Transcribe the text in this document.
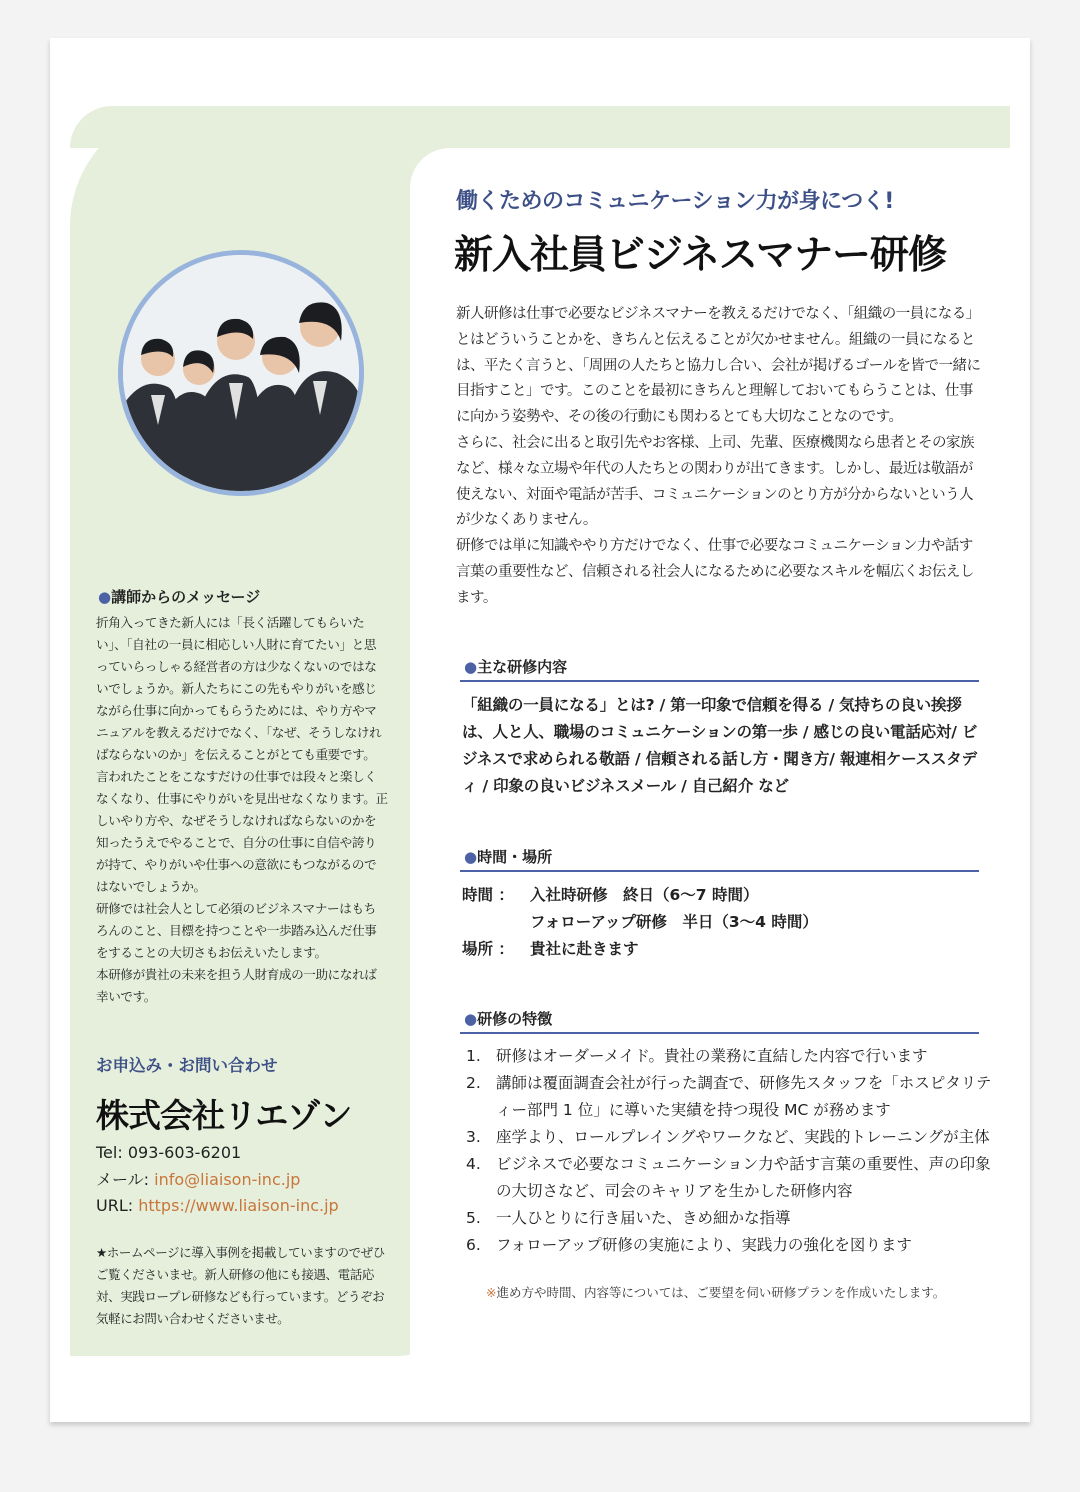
働くためのコミュニケーション力が身につく!
新入社員ビジネスマナー研修

新人研修は仕事で必要なビジネスマナーを教えるだけでなく、「組織の一員になる」とはどういうことかを、きちんと伝えることが欠かせません。組織の一員になるとは、平たく言うと、「周囲の人たちと協力し合い、会社が掲げるゴールを皆で一緒に目指すこと」です。このことを最初にきちんと理解しておいてもらうことは、仕事に向かう姿勢や、その後の行動にも関わるとても大切なことなのです。

さらに、社会に出ると取引先やお客様、上司、先輩、医療機関なら患者とその家族など、様々な立場や年代の人たちとの関わりが出てきます。しかし、最近は敬語が使えない、対面や電話が苦手、コミュニケーションのとり方が分からないという人が少なくありません。

研修では単に知識ややり方だけでなく、仕事で必要なコミュニケーション力や話す言葉の重要性など、信頼される社会人になるために必要なスキルを幅広くお伝えします。

●主な研修内容
「組織の一員になる」とは? / 第一印象で信頼を得る / 気持ちの良い挨拶は、人と人、職場のコミュニケーションの第一歩 / 感じの良い電話応対/ ビジネスで求められる敬語 / 信頼される話し方・聞き方/ 報連相ケーススタディ / 印象の良いビジネスメール / 自己紹介 など
●時間・場所
時間 ：	入社時研修　終日（6～7 時間）
フォローアップ研修　半日（3～4 時間）
場所 ：	貴社に赴きます
●研修の特徴
1. 研修はオーダーメイド。貴社の業務に直結した内容で行います
2. 講師は覆面調査会社が行った調査で、研修先スタッフを「ホスピタリティー部門 1 位」に導いた実績を持つ現役 MC が務めます
3. 座学より、ロールプレイングやワークなど、実践的トレーニングが主体
4. ビジネスで必要なコミュニケーション力や話す言葉の重要性、声の印象の大切さなど、司会のキャリアを生かした研修内容
5. 一人ひとりに行き届いた、きめ細かな指導
6. フォローアップ研修の実施により、実践力の強化を図ります
※進め方や時間、内容等については、ご要望を伺い研修プランを作成いたします。
●講師からのメッセージ

折角入ってきた新人には「長く活躍してもらいたい」、「自社の一員に相応しい人財に育てたい」と思っていらっしゃる経営者の方は少なくないのではないでしょうか。新人たちにこの先もやりがいを感じながら仕事に向かってもらうためには、やり方やマニュアルを教えるだけでなく、「なぜ、そうしなければならないのか」を伝えることがとても重要です。

言われたことをこなすだけの仕事では段々と楽しくなくなり、仕事にやりがいを見出せなくなります。正しいやり方や、なぜそうしなければならないのかを知ったうえでやることで、自分の仕事に自信や誇りが持て、やりがいや仕事への意欲にもつながるのではないでしょうか。

研修では社会人として必須のビジネスマナーはもちろんのこと、目標を持つことや一歩踏み込んだ仕事をすることの大切さもお伝えいたします。

本研修が貴社の未来を担う人財育成の一助になれば幸いです。

お申込み・お問い合わせ
株式会社リエゾン
Tel: 093-603-6201
メール: info@liaison-inc.jp
URL: https://www.liaison-inc.jp
★ホームページに導入事例を掲載していますのでぜひご覧くださいませ。新人研修の他にも接遇、電話応対、実践ロープレ研修なども行っています。どうぞお気軽にお問い合わせくださいませ。
